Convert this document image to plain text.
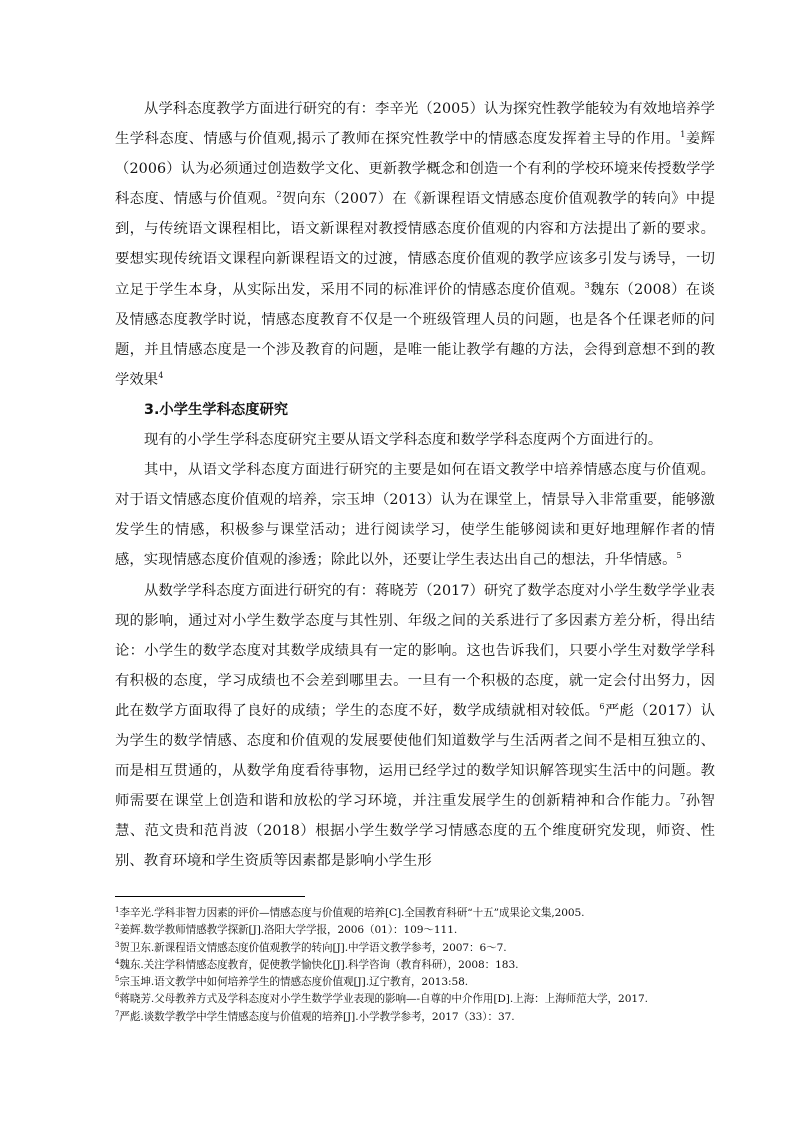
从学科态度教学方面进行研究的有：李辛光（2005）认为探究性教学能较为有效地培养学生学科态度、情感与价值观,揭示了教师在探究性教学中的情感态度发挥着主导的作用。$^1$姜辉（2006）认为必须通过创造数学文化、更新教学概念和创造一个有利的学校环境来传授数学学科态度、情感与价值观。$^2$贺向东（2007）在《新课程语文情感态度价值观教学的转向》中提到，与传统语文课程相比，语文新课程对教授情感态度价值观的内容和方法提出了新的要求。要想实现传统语文课程向新课程语文的过渡，情感态度价值观的教学应该多引发与诱导，一切立足于学生本身，从实际出发，采用不同的标准评价的情感态度价值观。$^3$魏东（2008）在谈及情感态度教学时说，情感态度教育不仅是一个班级管理人员的问题，也是各个任课老师的问题，并且情感态度是一个涉及教育的问题，是唯一能让教学有趣的方法，会得到意想不到的教学效果$^4$

3.小学生学科态度研究

现有的小学生学科态度研究主要从语文学科态度和数学学科态度两个方面进行的。

其中，从语文学科态度方面进行研究的主要是如何在语文教学中培养情感态度与价值观。对于语文情感态度价值观的培养，宗玉坤（2013）认为在课堂上，情景导入非常重要，能够激发学生的情感，积极参与课堂活动；进行阅读学习，使学生能够阅读和更好地理解作者的情感，实现情感态度价值观的渗透；除此以外，还要让学生表达出自己的想法，升华情感。$^5$

从数学学科态度方面进行研究的有：蒋晓芳（2017）研究了数学态度对小学生数学学业表现的影响，通过对小学生数学态度与其性别、年级之间的关系进行了多因素方差分析，得出结论：小学生的数学态度对其数学成绩具有一定的影响。这也告诉我们，只要小学生对数学学科有积极的态度，学习成绩也不会差到哪里去。一旦有一个积极的态度，就一定会付出努力，因此在数学方面取得了良好的成绩；学生的态度不好，数学成绩就相对较低。$^6$严彪（2017）认为学生的数学情感、态度和价值观的发展要使他们知道数学与生活两者之间不是相互独立的、而是相互贯通的，从数学角度看待事物，运用已经学过的数学知识解答现实生活中的问题。教师需要在课堂上创造和谐和放松的学习环境，并注重发展学生的创新精神和合作能力。$^7$孙智慧、范文贵和范肖波（2018）根据小学生数学学习情感态度的五个维度研究发现，师资、性别、教育环境和学生资质等因素都是影响小学生形

$^1$李辛光.学科非智力因素的评价—情感态度与价值观的培养[C].全国教育科研“十五”成果论文集,2005.

$^2$姜辉.数学教师情感教学探新[J].洛阳大学学报，2006（01）：109～111.

$^3$贺卫东.新课程语文情感态度价值观教学的转向[J].中学语文教学参考，2007：6～7.

$^4$魏东.关注学科情感态度教育，促使教学愉快化[J].科学咨询（教育科研），2008：183.

$^5$宗玉坤.语文教学中如何培养学生的情感态度价值观[J].辽宁教育，2013:58.

$^6$蒋晓芳.父母教养方式及学科态度对小学生数学学业表现的影响—-自尊的中介作用[D].上海：上海师范大学，2017.

$^7$严彪.谈数学教学中学生情感态度与价值观的培养[J].小学教学参考，2017（33）：37.
